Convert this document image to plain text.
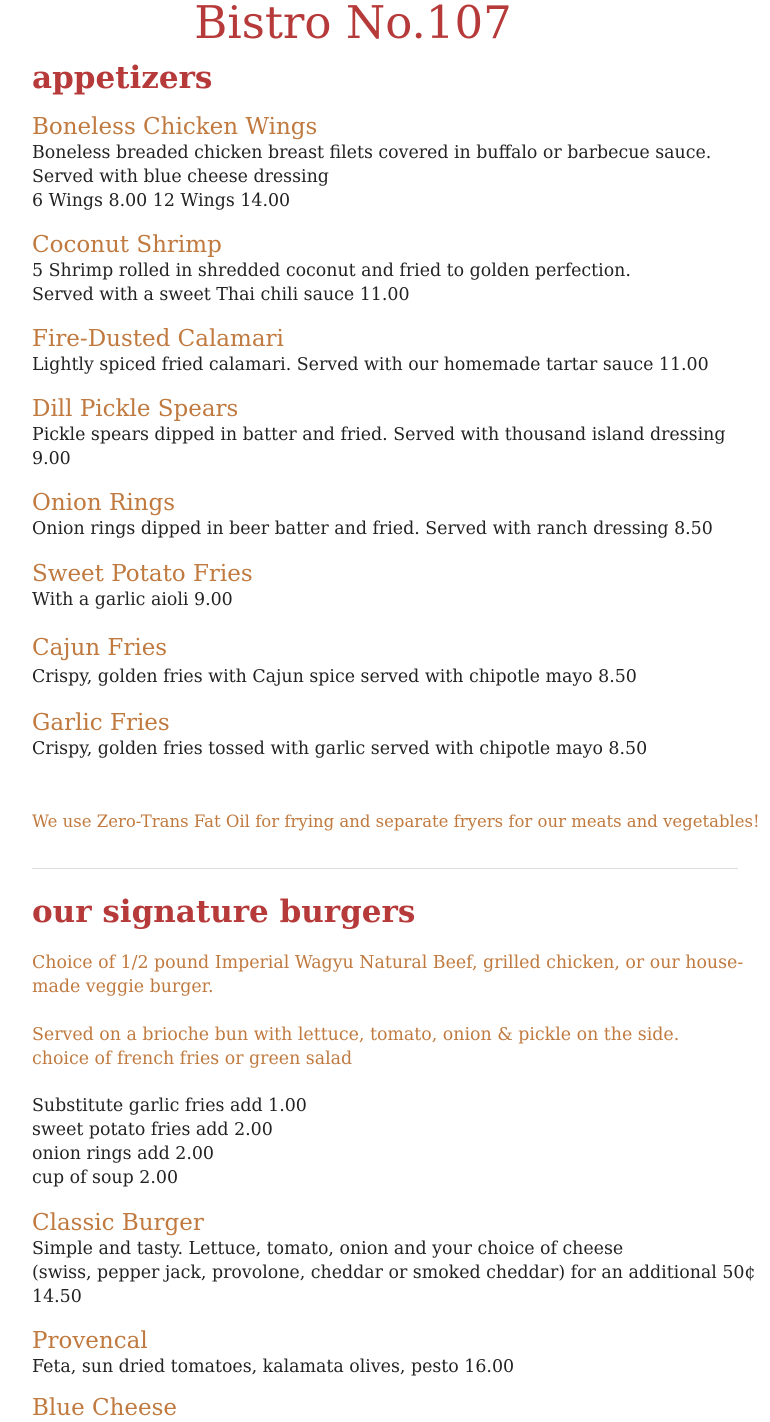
Bistro No.107
appetizers
Boneless Chicken Wings
Boneless breaded chicken breast filets covered in buffalo or barbecue sauce.
Served with blue cheese dressing
6 Wings 8.00 12 Wings 14.00
Coconut Shrimp
5 Shrimp rolled in shredded coconut and fried to golden perfection.
Served with a sweet Thai chili sauce 11.00
Fire-Dusted Calamari
Lightly spiced fried calamari. Served with our homemade tartar sauce 11.00
Dill Pickle Spears
Pickle spears dipped in batter and fried. Served with thousand island dressing
9.00
Onion Rings
Onion rings dipped in beer batter and fried. Served with ranch dressing 8.50
Sweet Potato Fries
With a garlic aioli 9.00
Cajun Fries
Crispy, golden fries with Cajun spice served with chipotle mayo 8.50
Garlic Fries
Crispy, golden fries tossed with garlic served with chipotle mayo 8.50
We use Zero-Trans Fat Oil for frying and separate fryers for our meats and vegetables!
our signature burgers
Choice of 1/2 pound Imperial Wagyu Natural Beef, grilled chicken, or our house-
made veggie burger.
Served on a brioche bun with lettuce, tomato, onion & pickle on the side.
choice of french fries or green salad
Substitute garlic fries add 1.00
sweet potato fries add 2.00
onion rings add 2.00
cup of soup 2.00
Classic Burger
Simple and tasty. Lettuce, tomato, onion and your choice of cheese
(swiss, pepper jack, provolone, cheddar or smoked cheddar) for an additional 50¢
14.50
Provencal
Feta, sun dried tomatoes, kalamata olives, pesto 16.00
Blue Cheese
